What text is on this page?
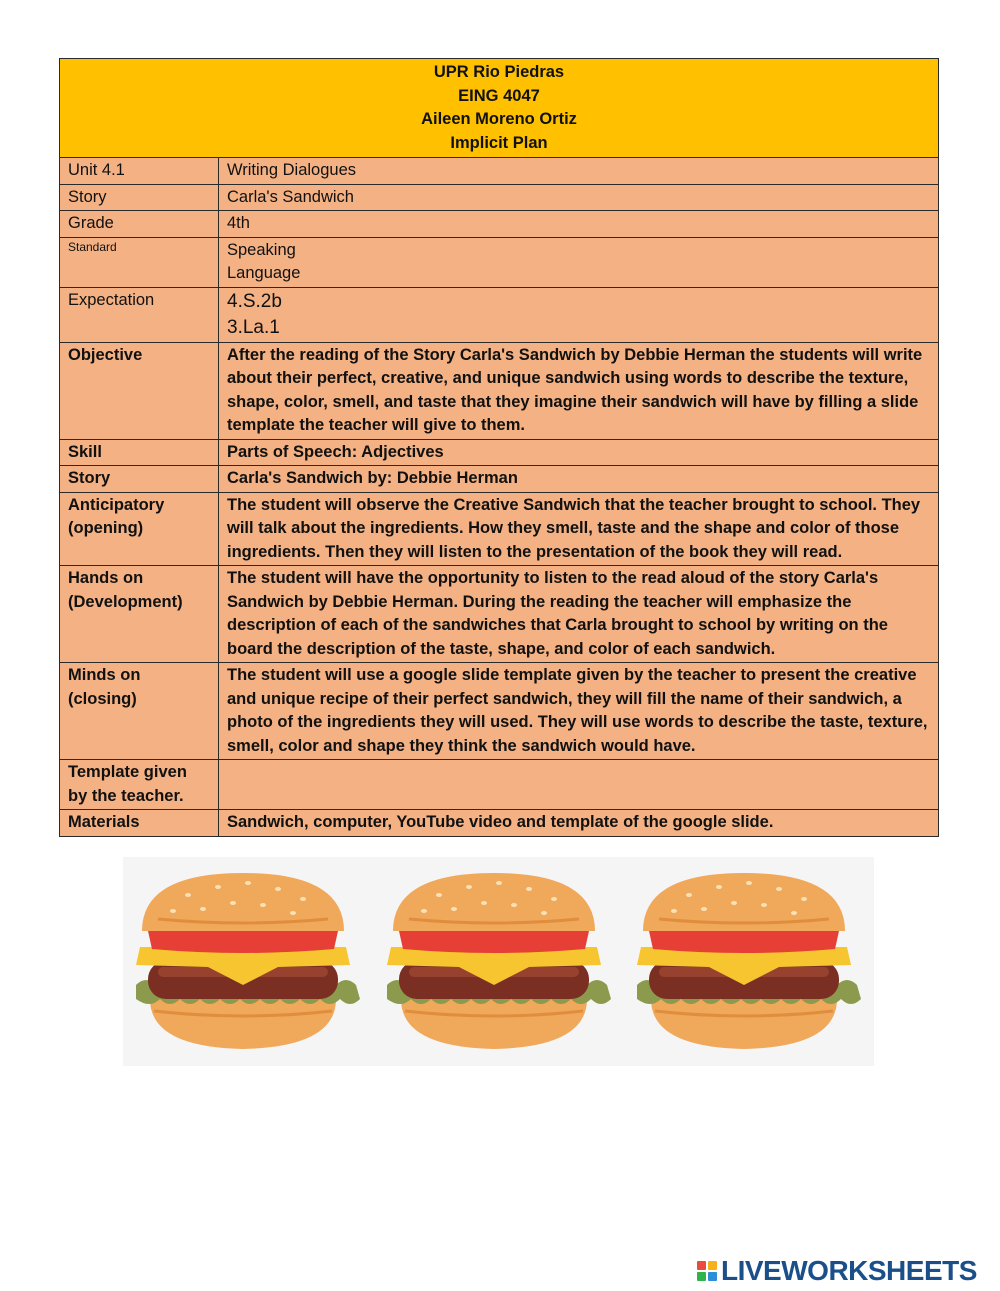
UPR Rio Piedras
EING 4047
Aileen Moreno Ortiz
Implicit Plan	

Unit 4.1	Writing Dialogues
Story	Carla's Sandwich
Grade	4th
Standard	Speaking
Language

Expectation	4.S.2b
3.La.1

Objective	After the reading of the Story Carla's Sandwich by Debbie Herman the students will write about their perfect, creative, and unique sandwich using words to describe the texture, shape, color, smell, and taste that they imagine their sandwich will have by filling a slide template the teacher will give to them.
Skill	Parts of Speech: Adjectives
Story	Carla's Sandwich by: Debbie Herman

Anticipatory
(opening)	The student will observe the Creative Sandwich that the teacher brought to school. They will talk about the ingredients. How they smell, taste and the shape and color of those ingredients. Then they will listen to the presentation of the book they will read.

Hands on
(Development)	The student will have the opportunity to listen to the read aloud of the story Carla's Sandwich by Debbie Herman. During the reading the teacher will emphasize the description of each of the sandwiches that Carla brought to school by writing on the board the description of the taste, shape, and color of each sandwich.

Minds on
(closing)	The student will use a google slide template given by the teacher to present the creative and unique recipe of their perfect sandwich, they will fill the name of their sandwich, a photo of the ingredients they will used. They will use words to describe the taste, texture, smell, color and shape they think the sandwich would have.

Template given
by the teacher.	

Materials	Sandwich, computer, YouTube video and template of the google slide.
LIVEWORKSHEETS
